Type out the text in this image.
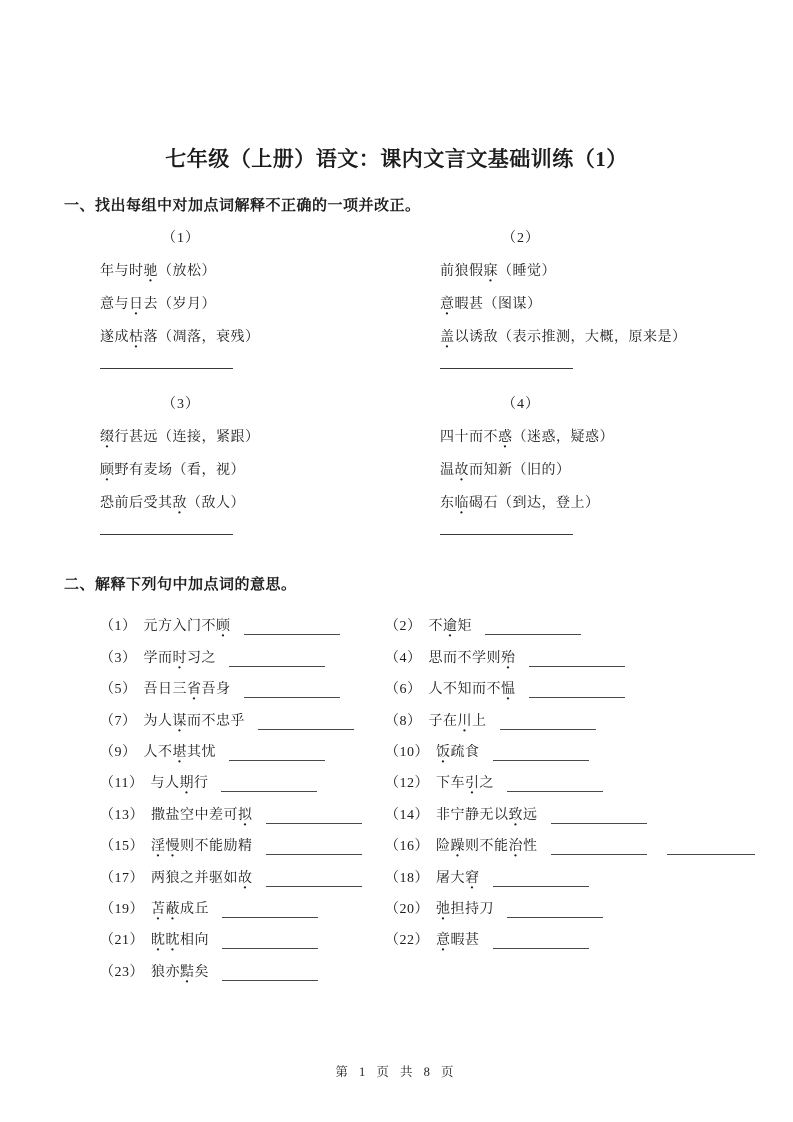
七年级（上册）语文：课内文言文基础训练（1）
一、找出每组中对加点词解释不正确的一项并改正。
（1）
年与时驰（放松）
意与日去（岁月）
遂成枯落（凋落，衰残）
（2）
前狼假寐（睡觉）
意暇甚（图谋）
盖以诱敌（表示推测，大概，原来是）
（3）
缀行甚远（连接，紧跟）
顾野有麦场（看，视）
恐前后受其敌（敌人）
（4）
四十而不惑（迷惑，疑惑）
温故而知新（旧的）
东临碣石（到达，登上）
二、解释下列句中加点词的意思。
（1） 元方入门不顾	（2） 不逾矩
（3） 学而时习之	（4） 思而不学则殆
（5） 吾日三省吾身	（6） 人不知而不愠
（7） 为人谋而不忠乎	（8） 子在川上
（9） 人不堪其忧	（10） 饭疏食
（11） 与人期行	（12） 下车引之
（13） 撒盐空中差可拟	（14） 非宁静无以致远
（15） 淫慢则不能励精	（16） 险躁则不能治性
（17） 两狼之并驱如故	（18） 屠大窘
（19） 苫蔽成丘	（20） 弛担持刀
（21） 眈眈相向	（22） 意暇甚
（23） 狼亦黠矣
第 1 页 共 8 页
